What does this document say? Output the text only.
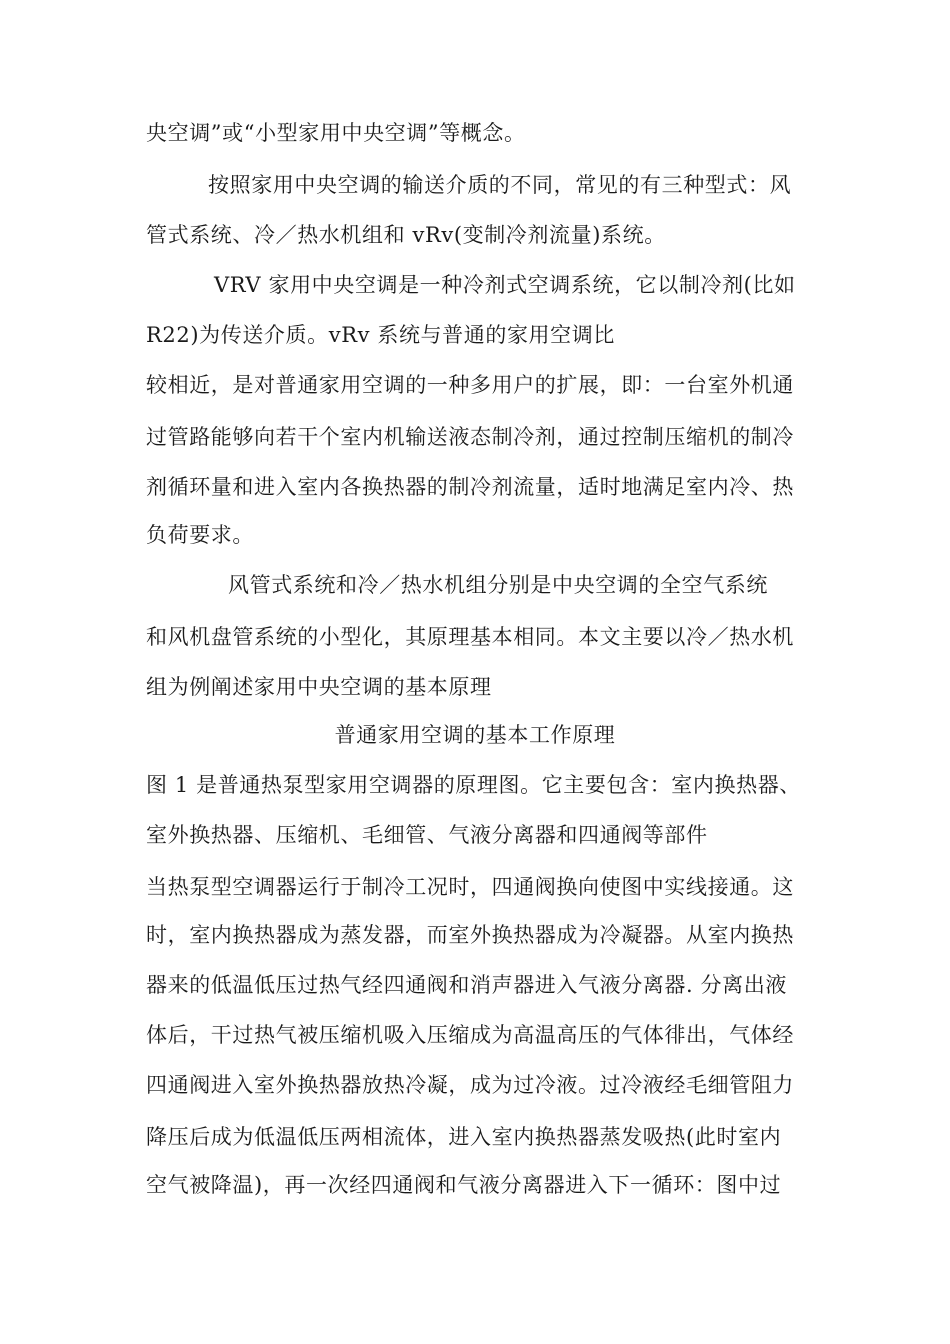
央空调”或“小型家用中央空调”等概念。
按照家用中央空调的输送介质的不同，常见的有三种型式：风
管式系统、冷／热水机组和 vRv(变制冷剂流量)系统。
VRV 家用中央空调是一种冷剂式空调系统，它以制冷剂(比如
R22)为传送介质。vRv 系统与普通的家用空调比
较相近，是对普通家用空调的一种多用户的扩展，即：一台室外机通
过管路能够向若干个室内机输送液态制冷剂，通过控制压缩机的制冷
剂循环量和进入室内各换热器的制冷剂流量，适时地满足室内冷、热
负荷要求。
风管式系统和冷／热水机组分别是中央空调的全空气系统
和风机盘管系统的小型化，其原理基本相同。本文主要以冷／热水机
组为例阐述家用中央空调的基本原理
普通家用空调的基本工作原理
图 1 是普通热泵型家用空调器的原理图。它主要包含：室内换热器、
室外换热器、压缩机、毛细管、气液分离器和四通阀等部件
当热泵型空调器运行于制冷工况时，四通阀换向使图中实线接通。这
时，室内换热器成为蒸发器，而室外换热器成为冷凝器。从室内换热
器来的低温低压过热气经四通阀和消声器进入气液分离器. 分离出液
体后，干过热气被压缩机吸入压缩成为高温高压的气体徘出，气体经
四通阀进入室外换热器放热冷凝，成为过冷液。过冷液经毛细管阻力
降压后成为低温低压两相流体，进入室内换热器蒸发吸热(此时室内
空气被降温)，再一次经四通阀和气液分离器进入下一循环：图中过
